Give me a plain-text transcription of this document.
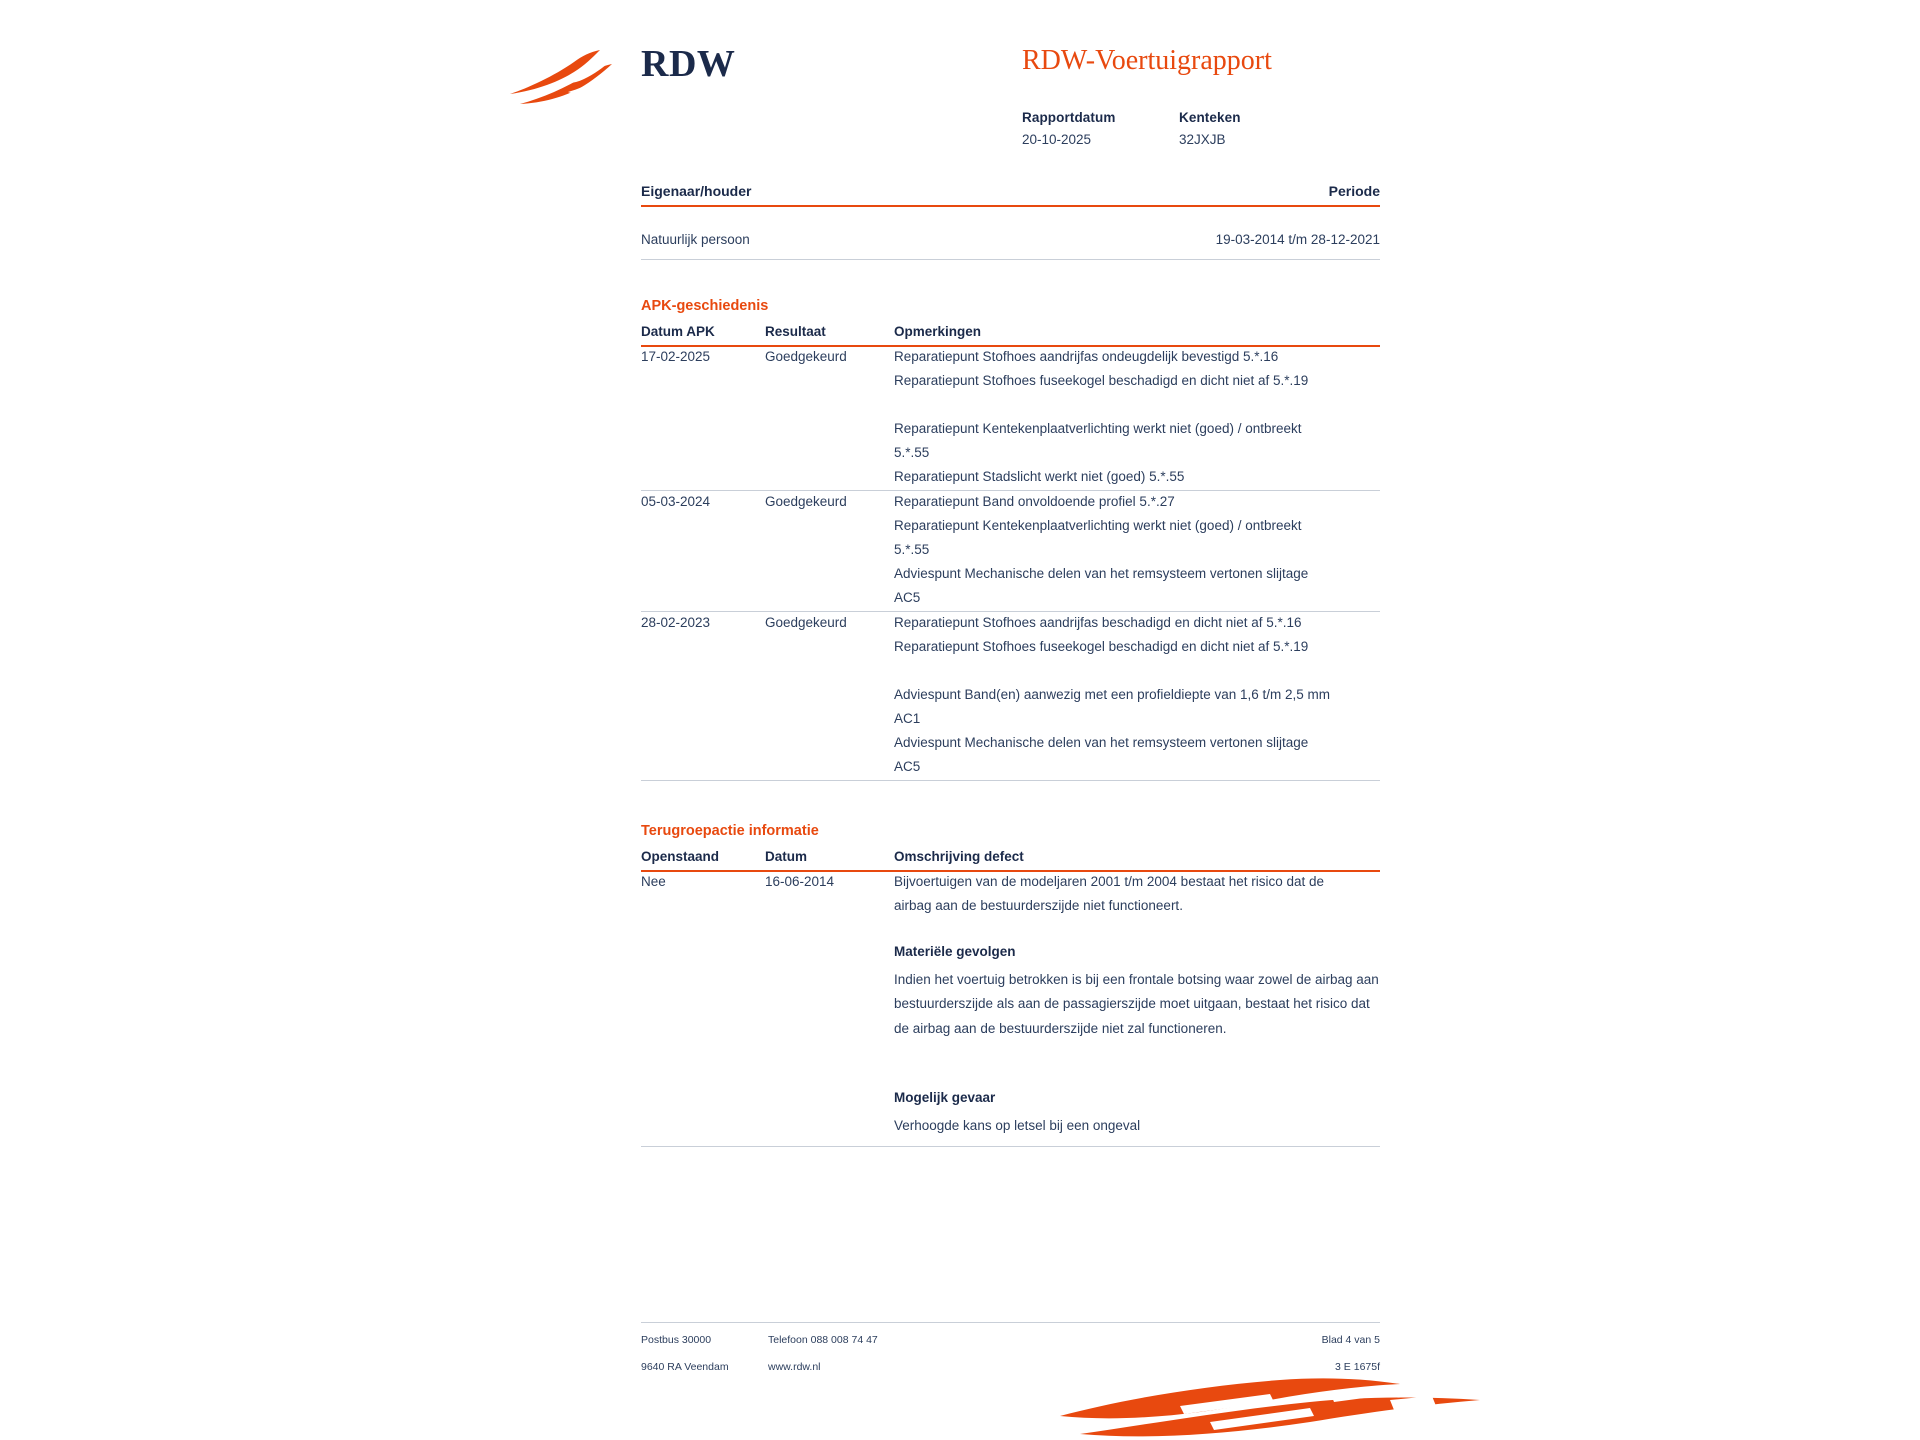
RDW	RDW-Voertuigrapport
Rapportdatum
20-10-2025
Kenteken
32JXJB
Eigenaar/houder	Periode
Natuurlijk persoon	19-03-2014 t/m 28-12-2021
APK-geschiedenis
Datum APK	Resultaat	Opmerkingen
17-02-2025	Goedgekeurd	Reparatiepunt Stofhoes aandrijfas ondeugdelijk bevestigd 5.*.16
Reparatiepunt Stofhoes fuseekogel beschadigd en dicht niet af 5.*.19
Reparatiepunt Kentekenplaatverlichting werkt niet (goed) / ontbreekt 5.*.55
Reparatiepunt Stadslicht werkt niet (goed) 5.*.55
05-03-2024	Goedgekeurd	Reparatiepunt Band onvoldoende profiel 5.*.27
Reparatiepunt Kentekenplaatverlichting werkt niet (goed) / ontbreekt 5.*.55
Adviespunt Mechanische delen van het remsysteem vertonen slijtage AC5
28-02-2023	Goedgekeurd	Reparatiepunt Stofhoes aandrijfas beschadigd en dicht niet af 5.*.16
Reparatiepunt Stofhoes fuseekogel beschadigd en dicht niet af 5.*.19
Adviespunt Band(en) aanwezig met een profieldiepte van 1,6 t/m 2,5 mm AC1
Adviespunt Mechanische delen van het remsysteem vertonen slijtage AC5
Terugroepactie informatie
Openstaand	Datum	Omschrijving defect
Nee	16-06-2014	Bijvoertuigen van de modeljaren 2001 t/m 2004 bestaat het risico dat de airbag aan de bestuurderszijde niet functioneert.
Materiële gevolgen
Indien het voertuig betrokken is bij een frontale botsing waar zowel de airbag aan bestuurderszijde als aan de passagierszijde moet uitgaan, bestaat het risico dat de airbag aan de bestuurderszijde niet zal functioneren.
Mogelijk gevaar
Verhoogde kans op letsel bij een ongeval
Postbus 30000
9640 RA Veendam
Telefoon 088 008 74 47
www.rdw.nl
Blad 4 van 5
3 E 1675f
